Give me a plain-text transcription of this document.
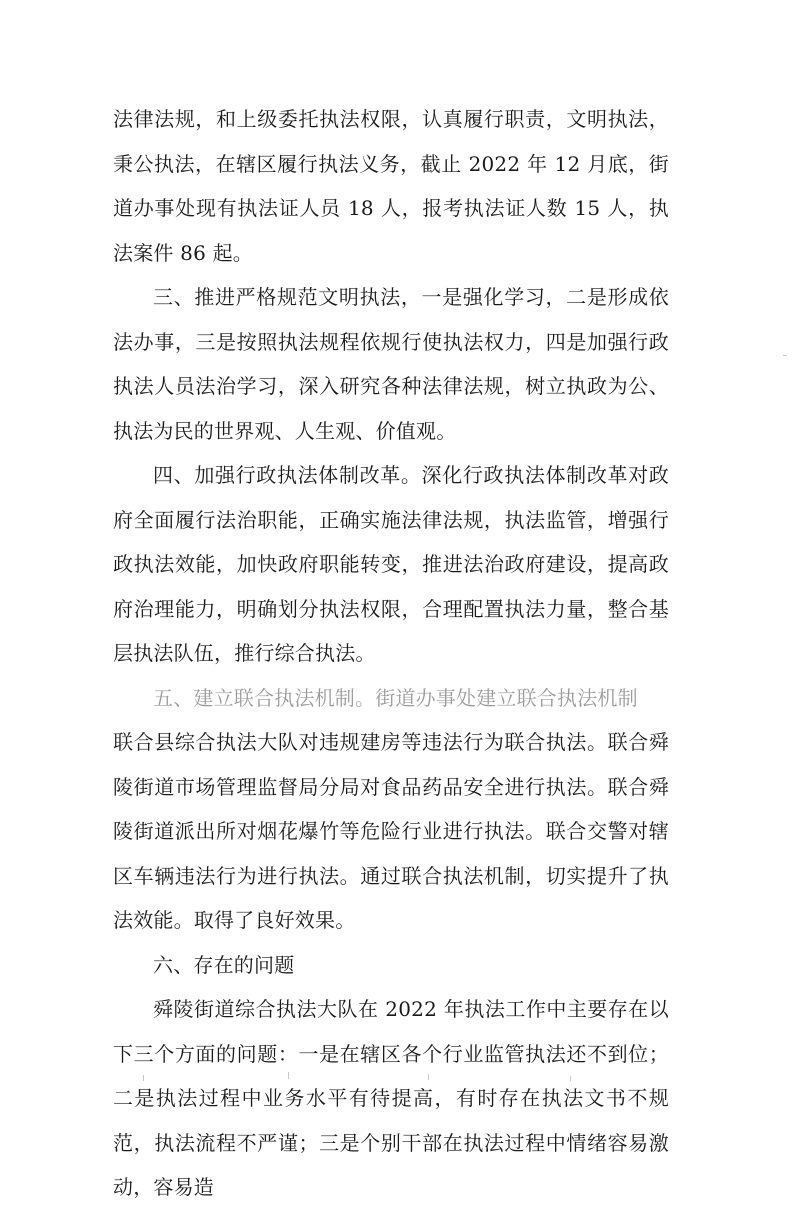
法律法规，和上级委托执法权限，认真履行职责，文明执法，秉公执法，在辖区履行执法义务，截止 2022 年 12 月底，街道办事处现有执法证人员 18 人，报考执法证人数 15 人，执法案件 86 起。

三、推进严格规范文明执法，一是强化学习，二是形成依法办事，三是按照执法规程依规行使执法权力，四是加强行政执法人员法治学习，深入研究各种法律法规，树立执政为公、执法为民的世界观、人生观、价值观。

四、加强行政执法体制改革。深化行政执法体制改革对政府全面履行法治职能，正确实施法律法规，执法监管，增强行政执法效能，加快政府职能转变，推进法治政府建设，提高政府治理能力，明确划分执法权限，合理配置执法力量，整合基层执法队伍，推行综合执法。

五、建立联合执法机制。街道办事处建立联合执法机制

联合县综合执法大队对违规建房等违法行为联合执法。联合舜陵街道市场管理监督局分局对食品药品安全进行执法。联合舜陵街道派出所对烟花爆竹等危险行业进行执法。联合交警对辖区车辆违法行为进行执法。通过联合执法机制，切实提升了执法效能。取得了良好效果。

六、存在的问题

舜陵街道综合执法大队在 2022 年执法工作中主要存在以下三个方面的问题：一是在辖区各个行业监管执法还不到位；二是执法过程中业务水平有待提高，有时存在执法文书不规范，执法流程不严谨；三是个别干部在执法过程中情绪容易激动，容易造
